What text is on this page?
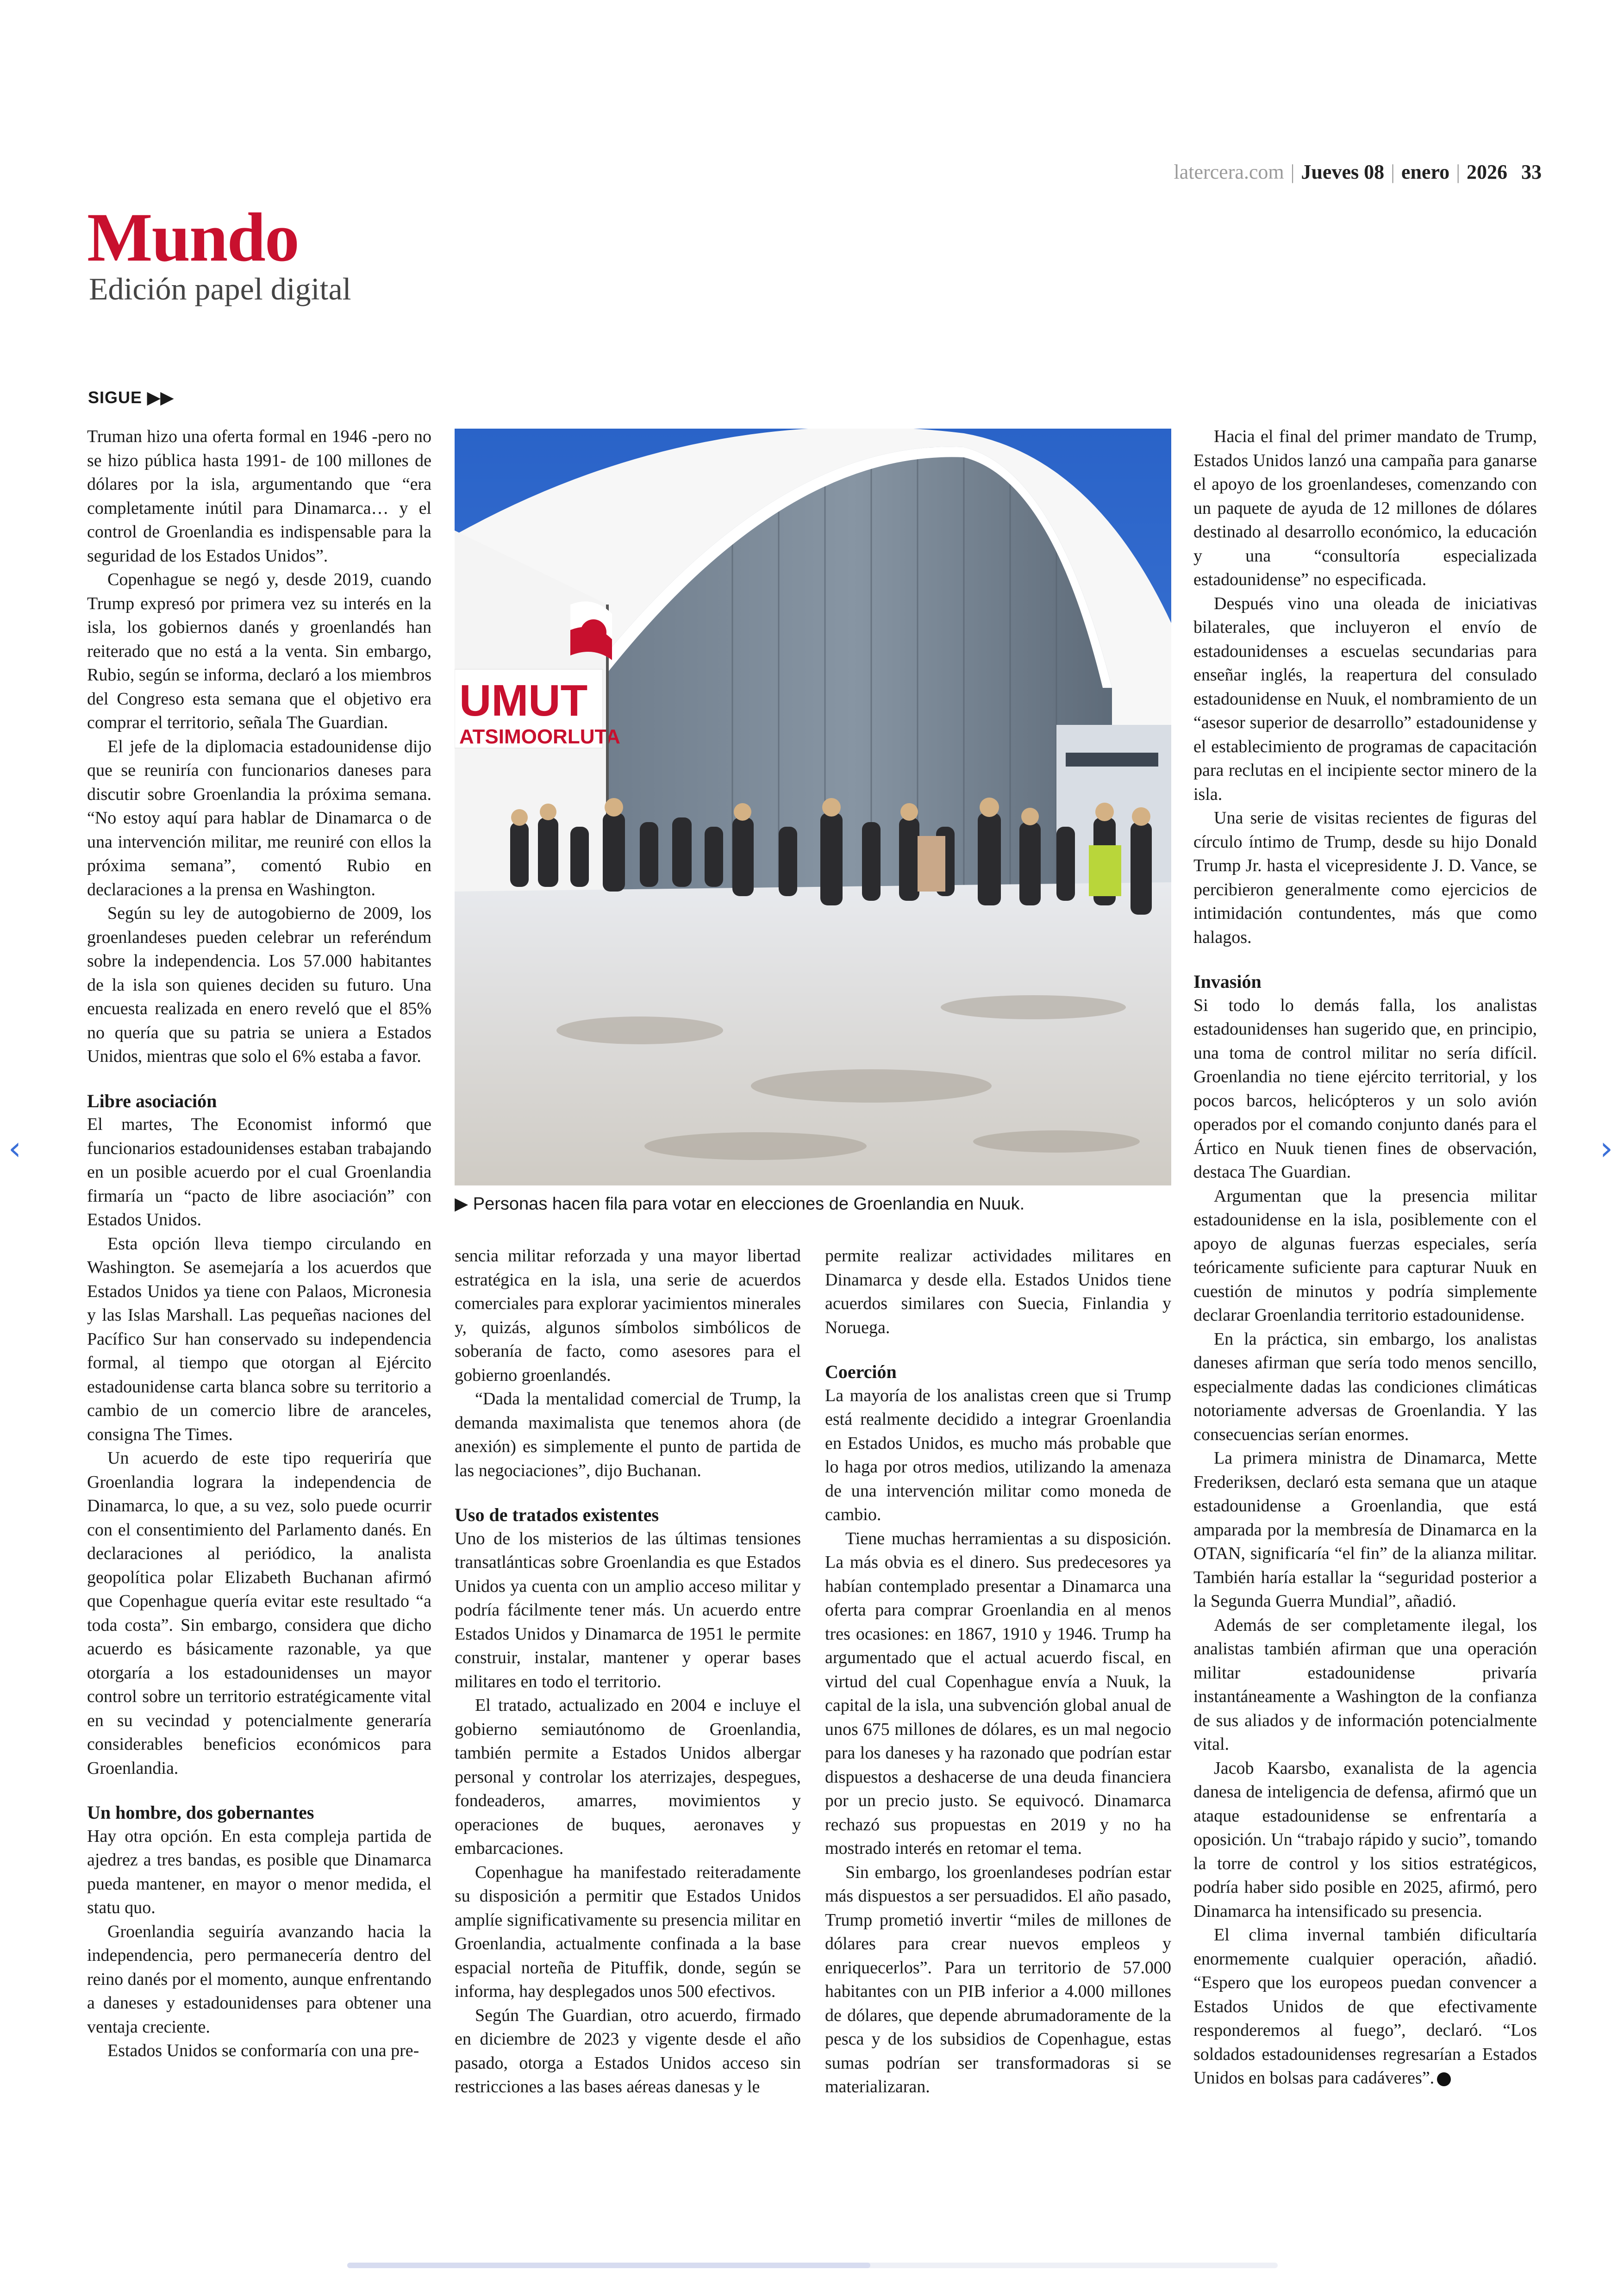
latercera.com | Jueves 08 | enero | 2026 33
Mundo
Edición papel digital
SIGUE ▶▶

Truman hizo una oferta formal en 1946 -pero no se hizo pública hasta 1991- de 100 millones de dólares por la isla, argumentando que “era completamente inútil para Dinamarca… y el control de Groenlandia es indispensable para la seguridad de los Estados Unidos”.

Copenhague se negó y, desde 2019, cuando Trump expresó por primera vez su interés en la isla, los gobiernos danés y groenlandés han reiterado que no está a la venta. Sin embargo, Rubio, según se informa, declaró a los miembros del Congreso esta semana que el objetivo era comprar el territorio, señala The Guardian.

El jefe de la diplomacia estadounidense dijo que se reuniría con funcionarios daneses para discutir sobre Groenlandia la próxima semana. “No estoy aquí para hablar de Dinamarca o de una intervención militar, me reuniré con ellos la próxima semana”, comentó Rubio en declaraciones a la prensa en Washington.

Según su ley de autogobierno de 2009, los groenlandeses pueden celebrar un referéndum sobre la independencia. Los 57.000 habitantes de la isla son quienes deciden su futuro. Una encuesta realizada en enero reveló que el 85% no quería que su patria se uniera a Estados Unidos, mientras que solo el 6% estaba a favor.

Libre asociación

El martes, The Economist informó que funcionarios estadounidenses estaban trabajando en un posible acuerdo por el cual Groenlandia firmaría un “pacto de libre asociación” con Estados Unidos.

Esta opción lleva tiempo circulando en Washington. Se asemejaría a los acuerdos que Estados Unidos ya tiene con Palaos, Micronesia y las Islas Marshall. Las pequeñas naciones del Pacífico Sur han conservado su independencia formal, al tiempo que otorgan al Ejército estadounidense carta blanca sobre su territorio a cambio de un comercio libre de aranceles, consigna The Times.

Un acuerdo de este tipo requeriría que Groenlandia lograra la independencia de Dinamarca, lo que, a su vez, solo puede ocurrir con el consentimiento del Parlamento danés. En declaraciones al periódico, la analista geopolítica polar Elizabeth Buchanan afirmó que Copenhague quería evitar este resultado “a toda costa”. Sin embargo, considera que dicho acuerdo es básicamente razonable, ya que otorgaría a los estadounidenses un mayor control sobre un territorio estratégicamente vital en su vecindad y potencialmente generaría considerables beneficios económicos para Groenlandia.

Un hombre, dos gobernantes

Hay otra opción. En esta compleja partida de ajedrez a tres bandas, es posible que Dinamarca pueda mantener, en mayor o menor medida, el statu quo.

Groenlandia seguiría avanzando hacia la independencia, pero permanecería dentro del reino danés por el momento, aunque enfrentando a daneses y estadounidenses para obtener una ventaja creciente.

Estados Unidos se conformaría con una pre-

UMUT
ATSIMOORLUTA
▶ Personas hacen fila para votar en elecciones de Groenlandia en Nuuk.

sencia militar reforzada y una mayor libertad estratégica en la isla, una serie de acuerdos comerciales para explorar yacimientos minerales y, quizás, algunos símbolos simbólicos de soberanía de facto, como asesores para el gobierno groenlandés.

“Dada la mentalidad comercial de Trump, la demanda maximalista que tenemos ahora (de anexión) es simplemente el punto de partida de las negociaciones”, dijo Buchanan.

Uso de tratados existentes

Uno de los misterios de las últimas tensiones transatlánticas sobre Groenlandia es que Estados Unidos ya cuenta con un amplio acceso militar y podría fácilmente tener más. Un acuerdo entre Estados Unidos y Dinamarca de 1951 le permite construir, instalar, mantener y operar bases militares en todo el territorio.

El tratado, actualizado en 2004 e incluye el gobierno semiautónomo de Groenlandia, también permite a Estados Unidos albergar personal y controlar los aterrizajes, despegues, fondeaderos, amarres, movimientos y operaciones de buques, aeronaves y embarcaciones.

Copenhague ha manifestado reiteradamente su disposición a permitir que Estados Unidos amplíe significativamente su presencia militar en Groenlandia, actualmente confinada a la base espacial norteña de Pituffik, donde, según se informa, hay desplegados unos 500 efectivos.

Según The Guardian, otro acuerdo, firmado en diciembre de 2023 y vigente desde el año pasado, otorga a Estados Unidos acceso sin restricciones a las bases aéreas danesas y le

permite realizar actividades militares en Dinamarca y desde ella. Estados Unidos tiene acuerdos similares con Suecia, Finlandia y Noruega.

Coerción

La mayoría de los analistas creen que si Trump está realmente decidido a integrar Groenlandia en Estados Unidos, es mucho más probable que lo haga por otros medios, utilizando la amenaza de una intervención militar como moneda de cambio.

Tiene muchas herramientas a su disposición. La más obvia es el dinero. Sus predecesores ya habían contemplado presentar a Dinamarca una oferta para comprar Groenlandia en al menos tres ocasiones: en 1867, 1910 y 1946. Trump ha argumentado que el actual acuerdo fiscal, en virtud del cual Copenhague envía a Nuuk, la capital de la isla, una subvención global anual de unos 675 millones de dólares, es un mal negocio para los daneses y ha razonado que podrían estar dispuestos a deshacerse de una deuda financiera por un precio justo. Se equivocó. Dinamarca rechazó sus propuestas en 2019 y no ha mostrado interés en retomar el tema.

Sin embargo, los groenlandeses podrían estar más dispuestos a ser persuadidos. El año pasado, Trump prometió invertir “miles de millones de dólares para crear nuevos empleos y enriquecerlos”. Para un territorio de 57.000 habitantes con un PIB inferior a 4.000 millones de dólares, que depende abrumadoramente de la pesca y de los subsidios de Copenhague, estas sumas podrían ser transformadoras si se materializaran.

Hacia el final del primer mandato de Trump, Estados Unidos lanzó una campaña para ganarse el apoyo de los groenlandeses, comenzando con un paquete de ayuda de 12 millones de dólares destinado al desarrollo económico, la educación y una “consultoría especializada estadounidense” no especificada.

Después vino una oleada de iniciativas bilaterales, que incluyeron el envío de estadounidenses a escuelas secundarias para enseñar inglés, la reapertura del consulado estadounidense en Nuuk, el nombramiento de un “asesor superior de desarrollo” estadounidense y el establecimiento de programas de capacitación para reclutas en el incipiente sector minero de la isla.

Una serie de visitas recientes de figuras del círculo íntimo de Trump, desde su hijo Donald Trump Jr. hasta el vicepresidente J. D. Vance, se percibieron generalmente como ejercicios de intimidación contundentes, más que como halagos.

Invasión

Si todo lo demás falla, los analistas estadounidenses han sugerido que, en principio, una toma de control militar no sería difícil. Groenlandia no tiene ejército territorial, y los pocos barcos, helicópteros y un solo avión operados por el comando conjunto danés para el Ártico en Nuuk tienen fines de observación, destaca The Guardian.

Argumentan que la presencia militar estadounidense en la isla, posiblemente con el apoyo de algunas fuerzas especiales, sería teóricamente suficiente para capturar Nuuk en cuestión de minutos y podría simplemente declarar Groenlandia territorio estadounidense.

En la práctica, sin embargo, los analistas daneses afirman que sería todo menos sencillo, especialmente dadas las condiciones climáticas notoriamente adversas de Groenlandia. Y las consecuencias serían enormes.

La primera ministra de Dinamarca, Mette Frederiksen, declaró esta semana que un ataque estadounidense a Groenlandia, que está amparada por la membresía de Dinamarca en la OTAN, significaría “el fin” de la alianza militar. También haría estallar la “seguridad posterior a la Segunda Guerra Mundial”, añadió.

Además de ser completamente ilegal, los analistas también afirman que una operación militar estadounidense privaría instantáneamente a Washington de la confianza de sus aliados y de información potencialmente vital.

Jacob Kaarsbo, exanalista de la agencia danesa de inteligencia de defensa, afirmó que un ataque estadounidense se enfrentaría a oposición. Un “trabajo rápido y sucio”, tomando la torre de control y los sitios estratégicos, podría haber sido posible en 2025, afirmó, pero Dinamarca ha intensificado su presencia.

El clima invernal también dificultaría enormemente cualquier operación, añadió. “Espero que los europeos puedan convencer a Estados Unidos de que efectivamente responderemos al fuego”, declaró. “Los soldados estadounidenses regresarían a Estados Unidos en bolsas para cadáveres”.

‹	›
